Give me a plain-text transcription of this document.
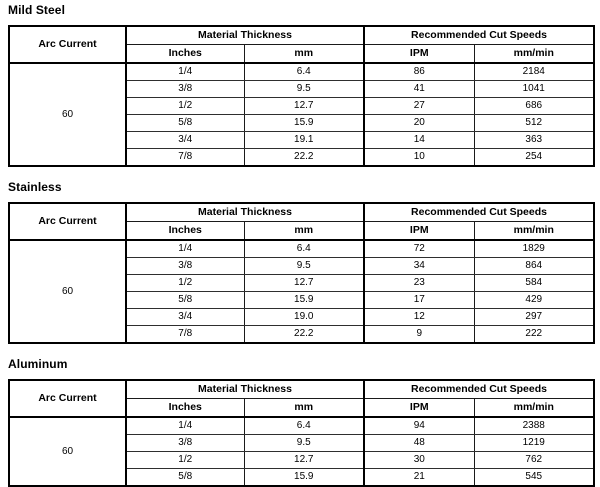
Mild Steel
Arc Current	Material Thickness		Recommended Cut Speeds	
	Inches	mm	IPM	mm/min
60	1/4	6.4	86	2184
	3/8	9.5	41	1041
	1/2	12.7	27	686
	5/8	15.9	20	512
	3/4	19.1	14	363
	7/8	22.2	10	254
Stainless
Arc Current	Material Thickness		Recommended Cut Speeds	
	Inches	mm	IPM	mm/min
60	1/4	6.4	72	1829
	3/8	9.5	34	864
	1/2	12.7	23	584
	5/8	15.9	17	429
	3/4	19.0	12	297
	7/8	22.2	9	222
Aluminum
Arc Current	Material Thickness		Recommended Cut Speeds	
	Inches	mm	IPM	mm/min
60	1/4	6.4	94	2388
	3/8	9.5	48	1219
	1/2	12.7	30	762
	5/8	15.9	21	545
